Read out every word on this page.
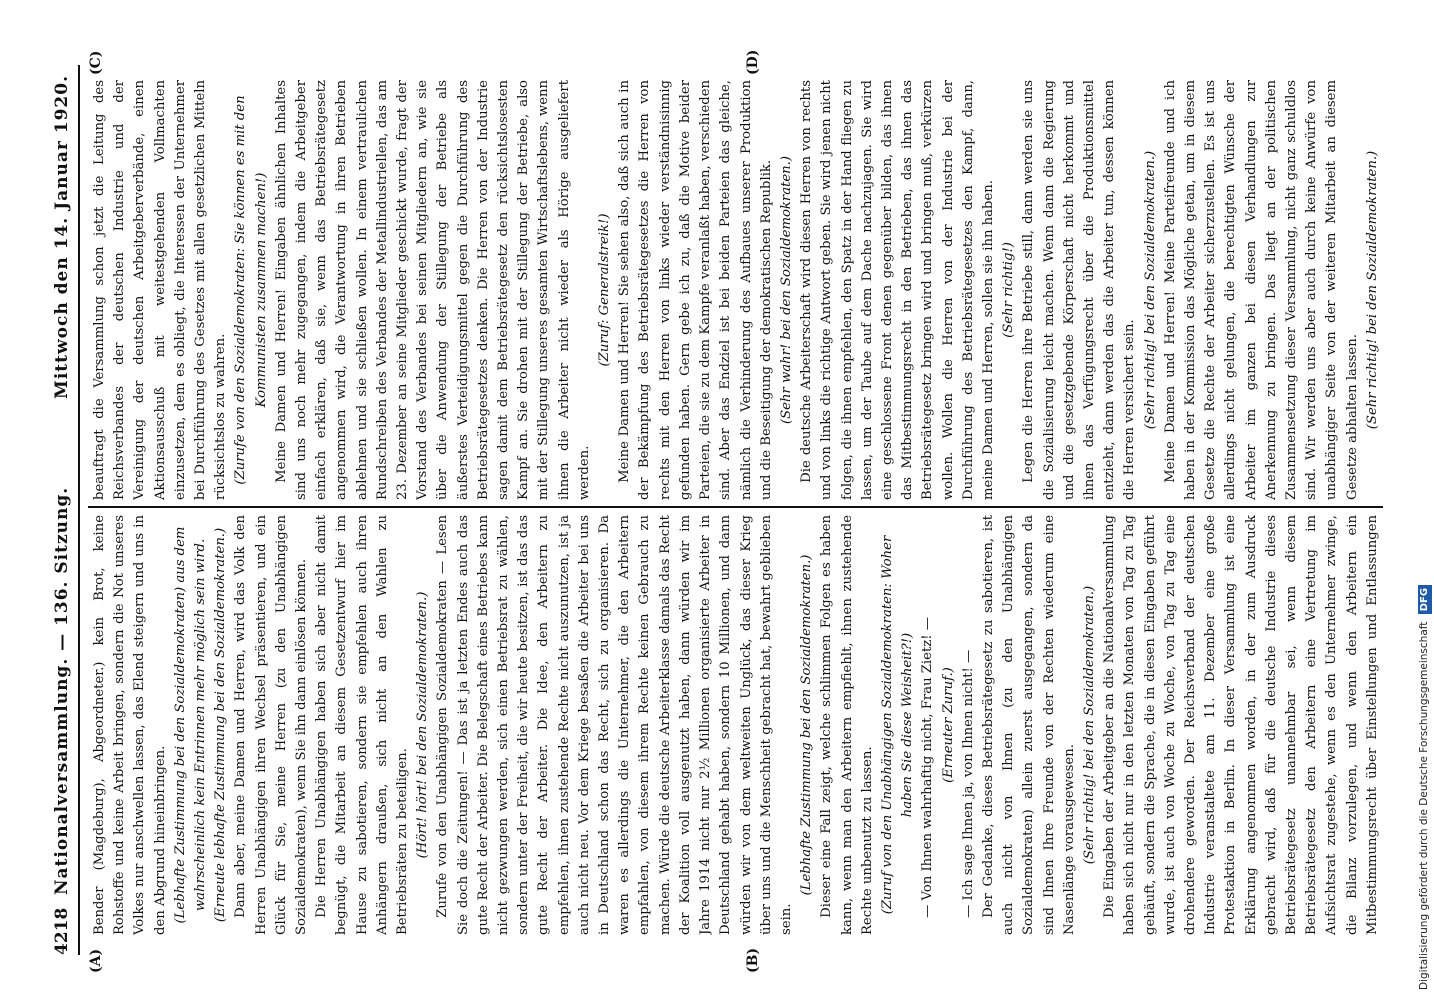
4218
Nationalversammlung. — 136. Sitzung.
Mittwoch den 14. Januar 1920.
(A)	(B)
(C)	(D)

Bender (Magdeburg), Abgeordneter.) kein Brot, keine Rohstoffe und keine Arbeit bringen, sondern die Not unseres Volkes nur anschwellen lassen, das Elend steigern und uns in den Abgrund hineinbringen. (Lebhafte Zustimmung bei den Sozialdemokraten) aus dem wahrscheinlich kein Entrinnen mehr möglich sein wird. (Erneute lebhafte Zustimmung bei den Sozialdemokraten.) Dann aber, meine Damen und Herren, wird das Volk den Herren Unabhängigen ihren Wechsel präsentieren, und ein Glück für Sie, meine Herren (zu den Unabhängigen Sozialdemokraten), wenn Sie ihn dann einlösen können. Die Herren Unabhängigen haben sich aber nicht damit begnügt, die Mitarbeit an diesem Gesetzentwurf hier im Hause zu sabotieren, sondern sie empfehlen auch ihren Anhängern draußen, sich nicht an den Wahlen zu Betriebsräten zu beteiligen. (Hört! hört! bei den Sozialdemokraten.) Zurufe von den Unabhängigen Sozialdemokraten — Lesen Sie doch die Zeitungen! — Das ist ja letzten Endes auch das gute Recht der Arbeiter. Die Belegschaft eines Betriebes kann nicht gezwungen werden, sich einen Betriebsrat zu wählen, sondern unter der Freiheit, die wir heute besitzen, ist das das gute Recht der Arbeiter. Die Idee, den Arbeitern zu empfehlen, ihnen zustehende Rechte nicht auszunutzen, ist ja auch nicht neu. Vor dem Kriege besaßen die Arbeiter bei uns in Deutschland schon das Recht, sich zu organisieren. Da waren es allerdings die Unternehmer, die den Arbeitern empfahlen, von diesem ihrem Rechte keinen Gebrauch zu machen. Würde die deutsche Arbeiterklasse damals das Recht der Koalition voll ausgenutzt haben, dann würden wir im Jahre 1914 nicht nur 2½ Millionen organisierte Arbeiter in Deutschland gehabt haben, sondern 10 Millionen, und dann würden wir von dem weltweiten Unglück, das dieser Krieg über uns und die Menschheit gebracht hat, bewahrt geblieben sein.

(Lebhafte Zustimmung bei den Sozialdemokraten.) Dieser eine Fall zeigt, welche schlimmen Folgen es haben kann, wenn man den Arbeitern empfiehlt, ihnen zustehende Rechte unbenutzt zu lassen. (Zuruf von den Unabhängigen Sozialdemokraten: Woher haben Sie diese Weisheit?!) — Von Ihnen wahrhaftig nicht, Frau Zietz! — (Erneuter Zuruf.) — Ich sage Ihnen ja, von Ihnen nicht! — Der Gedanke, dieses Betriebsrätegesetz zu sabotieren, ist auch nicht von Ihnen (zu den Unabhängigen Sozialdemokraten) allein zuerst ausgegangen, sondern da sind Ihnen Ihre Freunde von der Rechten wiederum eine Nasenlänge vorausgewesen. (Sehr richtig! bei den Sozialdemokraten.)

Die Eingaben der Arbeitgeber an die Nationalversammlung haben sich nicht nur in den letzten Monaten von Tag zu Tag gehäuft, sondern die Sprache, die in diesen Eingaben geführt wurde, ist auch von Woche zu Woche, von Tag zu Tag eine drohendere geworden. Der Reichsverband der deutschen Industrie veranstaltete am 11. Dezember eine große Protestaktion in Berlin. In dieser Versammlung ist eine Erklärung angenommen worden, in der zum Ausdruck gebracht wird, daß für die deutsche Industrie dieses Betriebsrätegesetz unannehmbar sei, wenn diesem Betriebsrätegesetz den Arbeitern eine Vertretung im Aufsichtsrat zugestehe, wenn es den Unternehmer zwinge, die Bilanz vorzulegen, und wenn den Arbeitern ein Mitbestimmungsrecht über Einstellungen und Entlassungen

beauftragt die Versammlung schon jetzt die Leitung des Reichsverbandes der deutschen Industrie und der Vereinigung der deutschen Arbeitgeberverbände, einen Aktionsausschuß mit weitestgehenden Vollmachten einzusetzen, dem es obliegt, die Interessen der Unternehmer bei Durchführung des Gesetzes mit allen gesetzlichen Mitteln rücksichtslos zu wahren. (Zurufe von den Sozialdemokraten: Sie können es mit den Kommunisten zusammen machen!) Meine Damen und Herren! Eingaben ähnlichen Inhaltes sind uns noch mehr zugegangen, indem die Arbeitgeber einfach erklären, daß sie, wenn das Betriebsrätegesetz angenommen wird, die Verantwortung in ihren Betrieben ablehnen und sie schließen wollen. In einem vertraulichen Rundschreiben des Verbandes der Metallindustriellen, das am 23. Dezember an seine Mitglieder geschickt wurde, fragt der Vorstand des Verbandes bei seinen Mitgliedern an, wie sie über die Anwendung der Stillegung der Betriebe als äußerstes Verteidigungsmittel gegen die Durchführung des Betriebsrätegesetzes denken. Die Herren von der Industrie sagen damit dem Betriebsrätegesetz den rücksichtslosesten Kampf an. Sie drohen mit der Stillegung der Betriebe, also mit der Stillegung unseres gesamten Wirtschaftslebens, wenn ihnen die Arbeiter nicht wieder als Hörige ausgeliefert werden.

(Zuruf: Generalstreik!) Meine Damen und Herren! Sie sehen also, daß sich auch in der Bekämpfung des Betriebsrätegesetzes die Herren von rechts mit den Herren von links wieder verständnisinnig gefunden haben. Gern gebe ich zu, daß die Motive beider Parteien, die sie zu dem Kampfe veranlaßt haben, verschieden sind. Aber das Endziel ist bei beiden Parteien das gleiche, nämlich die Verhinderung des Aufbaues unserer Produktion und die Beseitigung der demokratischen Republik. (Sehr wahr! bei den Sozialdemokraten.) Die deutsche Arbeiterschaft wird diesen Herren von rechts und von links die richtige Antwort geben. Sie wird jenen nicht folgen, die ihnen empfehlen, den Spatz in der Hand fliegen zu lassen, um der Taube auf dem Dache nachzujagen. Sie wird eine geschlossene Front denen gegenüber bilden, das ihnen das Mitbestimmungsrecht in den Betrieben, das ihnen das Betriebsrätegesetz bringen wird und bringen muß, verkürzen wollen. Wollen die Herren von der Industrie bei der Durchführung des Betriebsrätegesetzes den Kampf, dann, meine Damen und Herren, sollen sie ihn haben. (Sehr richtig!) Legen die Herren ihre Betriebe still, dann werden sie uns die Sozialisierung leicht machen. Wenn dann die Regierung und die gesetzgebende Körperschaft nicht herkommt und ihnen das Verfügungsrecht über die Produktionsmittel entzieht, dann werden das die Arbeiter tun, dessen können die Herren versichert sein. (Sehr richtig! bei den Sozialdemokraten.) Meine Damen und Herren! Meine Parteifreunde und ich haben in der Kommission das Mögliche getan, um in diesem Gesetze die Rechte der Arbeiter sicherzustellen. Es ist uns allerdings nicht gelungen, die berechtigten Wünsche der Arbeiter im ganzen bei diesen Verhandlungen zur Anerkennung zu bringen. Das liegt an der politischen Zusammensetzung dieser Versammlung, nicht ganz schuldlos sind. Wir werden uns aber auch durch keine Anwürfe von unabhängiger Seite von der weiteren Mitarbeit an diesem Gesetze abhalten lassen. (Sehr richtig! bei den Sozialdemokraten.)

Digitalisierung gefördert durch die Deutsche Forschungsgemeinschaft DFG
